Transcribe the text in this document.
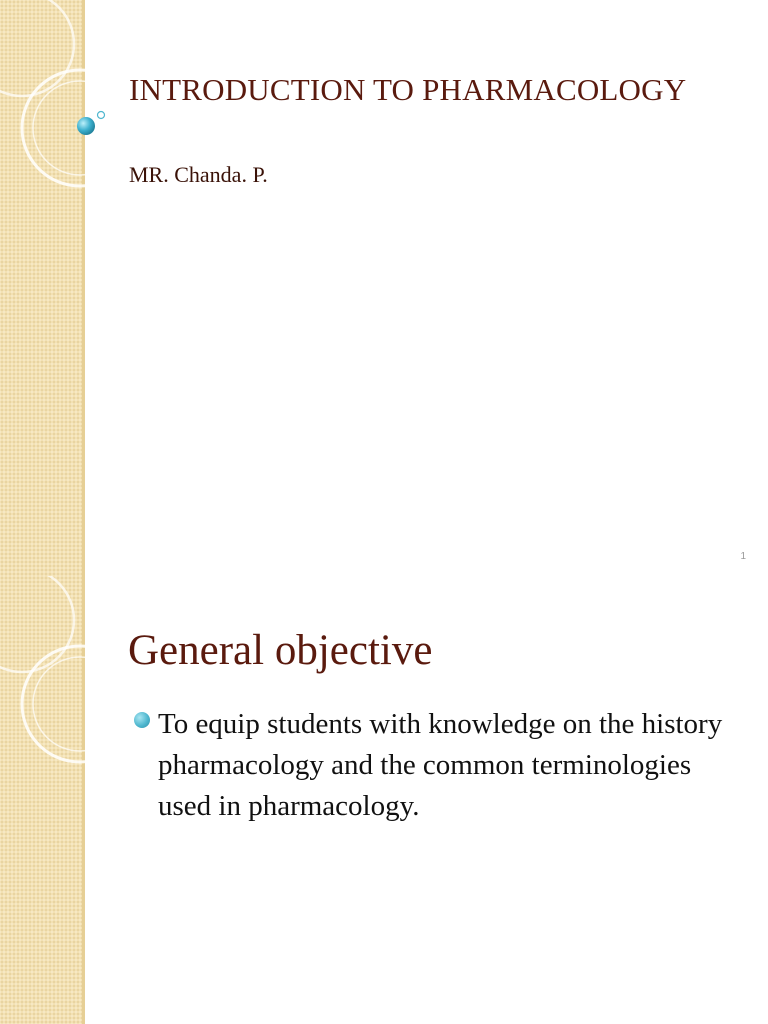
INTRODUCTION TO PHARMACOLOGY

MR. Chanda. P.

1
General objective
To equip students with knowledge on the history pharmacology and the common terminologies used in pharmacology.
